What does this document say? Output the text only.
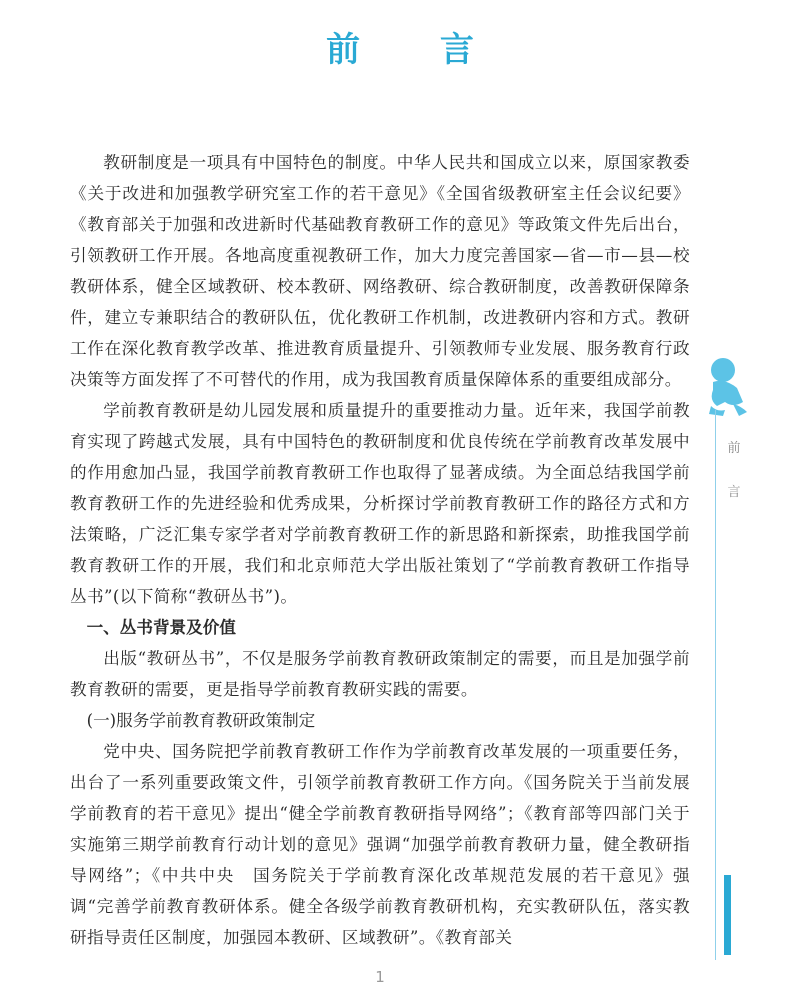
前 言

教研制度是一项具有中国特色的制度。中华人民共和国成立以来，原国家教委《关于改进和加强教学研究室工作的若干意见》《全国省级教研室主任会议纪要》《教育部关于加强和改进新时代基础教育教研工作的意见》等政策文件先后出台，引领教研工作开展。各地高度重视教研工作，加大力度完善国家—省—市—县—校教研体系，健全区域教研、校本教研、网络教研、综合教研制度，改善教研保障条件，建立专兼职结合的教研队伍，优化教研工作机制，改进教研内容和方式。教研工作在深化教育教学改革、推进教育质量提升、引领教师专业发展、服务教育行政决策等方面发挥了不可替代的作用，成为我国教育质量保障体系的重要组成部分。

学前教育教研是幼儿园发展和质量提升的重要推动力量。近年来，我国学前教育实现了跨越式发展，具有中国特色的教研制度和优良传统在学前教育改革发展中的作用愈加凸显，我国学前教育教研工作也取得了显著成绩。为全面总结我国学前教育教研工作的先进经验和优秀成果，分析探讨学前教育教研工作的路径方式和方法策略，广泛汇集专家学者对学前教育教研工作的新思路和新探索，助推我国学前教育教研工作的开展，我们和北京师范大学出版社策划了“学前教育教研工作指导丛书”(以下简称“教研丛书”)。

一、丛书背景及价值

出版“教研丛书”，不仅是服务学前教育教研政策制定的需要，而且是加强学前教育教研的需要，更是指导学前教育教研实践的需要。

(一)服务学前教育教研政策制定

党中央、国务院把学前教育教研工作作为学前教育改革发展的一项重要任务，出台了一系列重要政策文件，引领学前教育教研工作方向。《国务院关于当前发展学前教育的若干意见》提出“健全学前教育教研指导网络”；《教育部等四部门关于实施第三期学前教育行动计划的意见》强调“加强学前教育教研力量，健全教研指导网络”；《中共中央　国务院关于学前教育深化改革规范发展的若干意见》强调“完善学前教育教研体系。健全各级学前教育教研机构，充实教研队伍，落实教研指导责任区制度，加强园本教研、区域教研”。《教育部关

前
言
1
